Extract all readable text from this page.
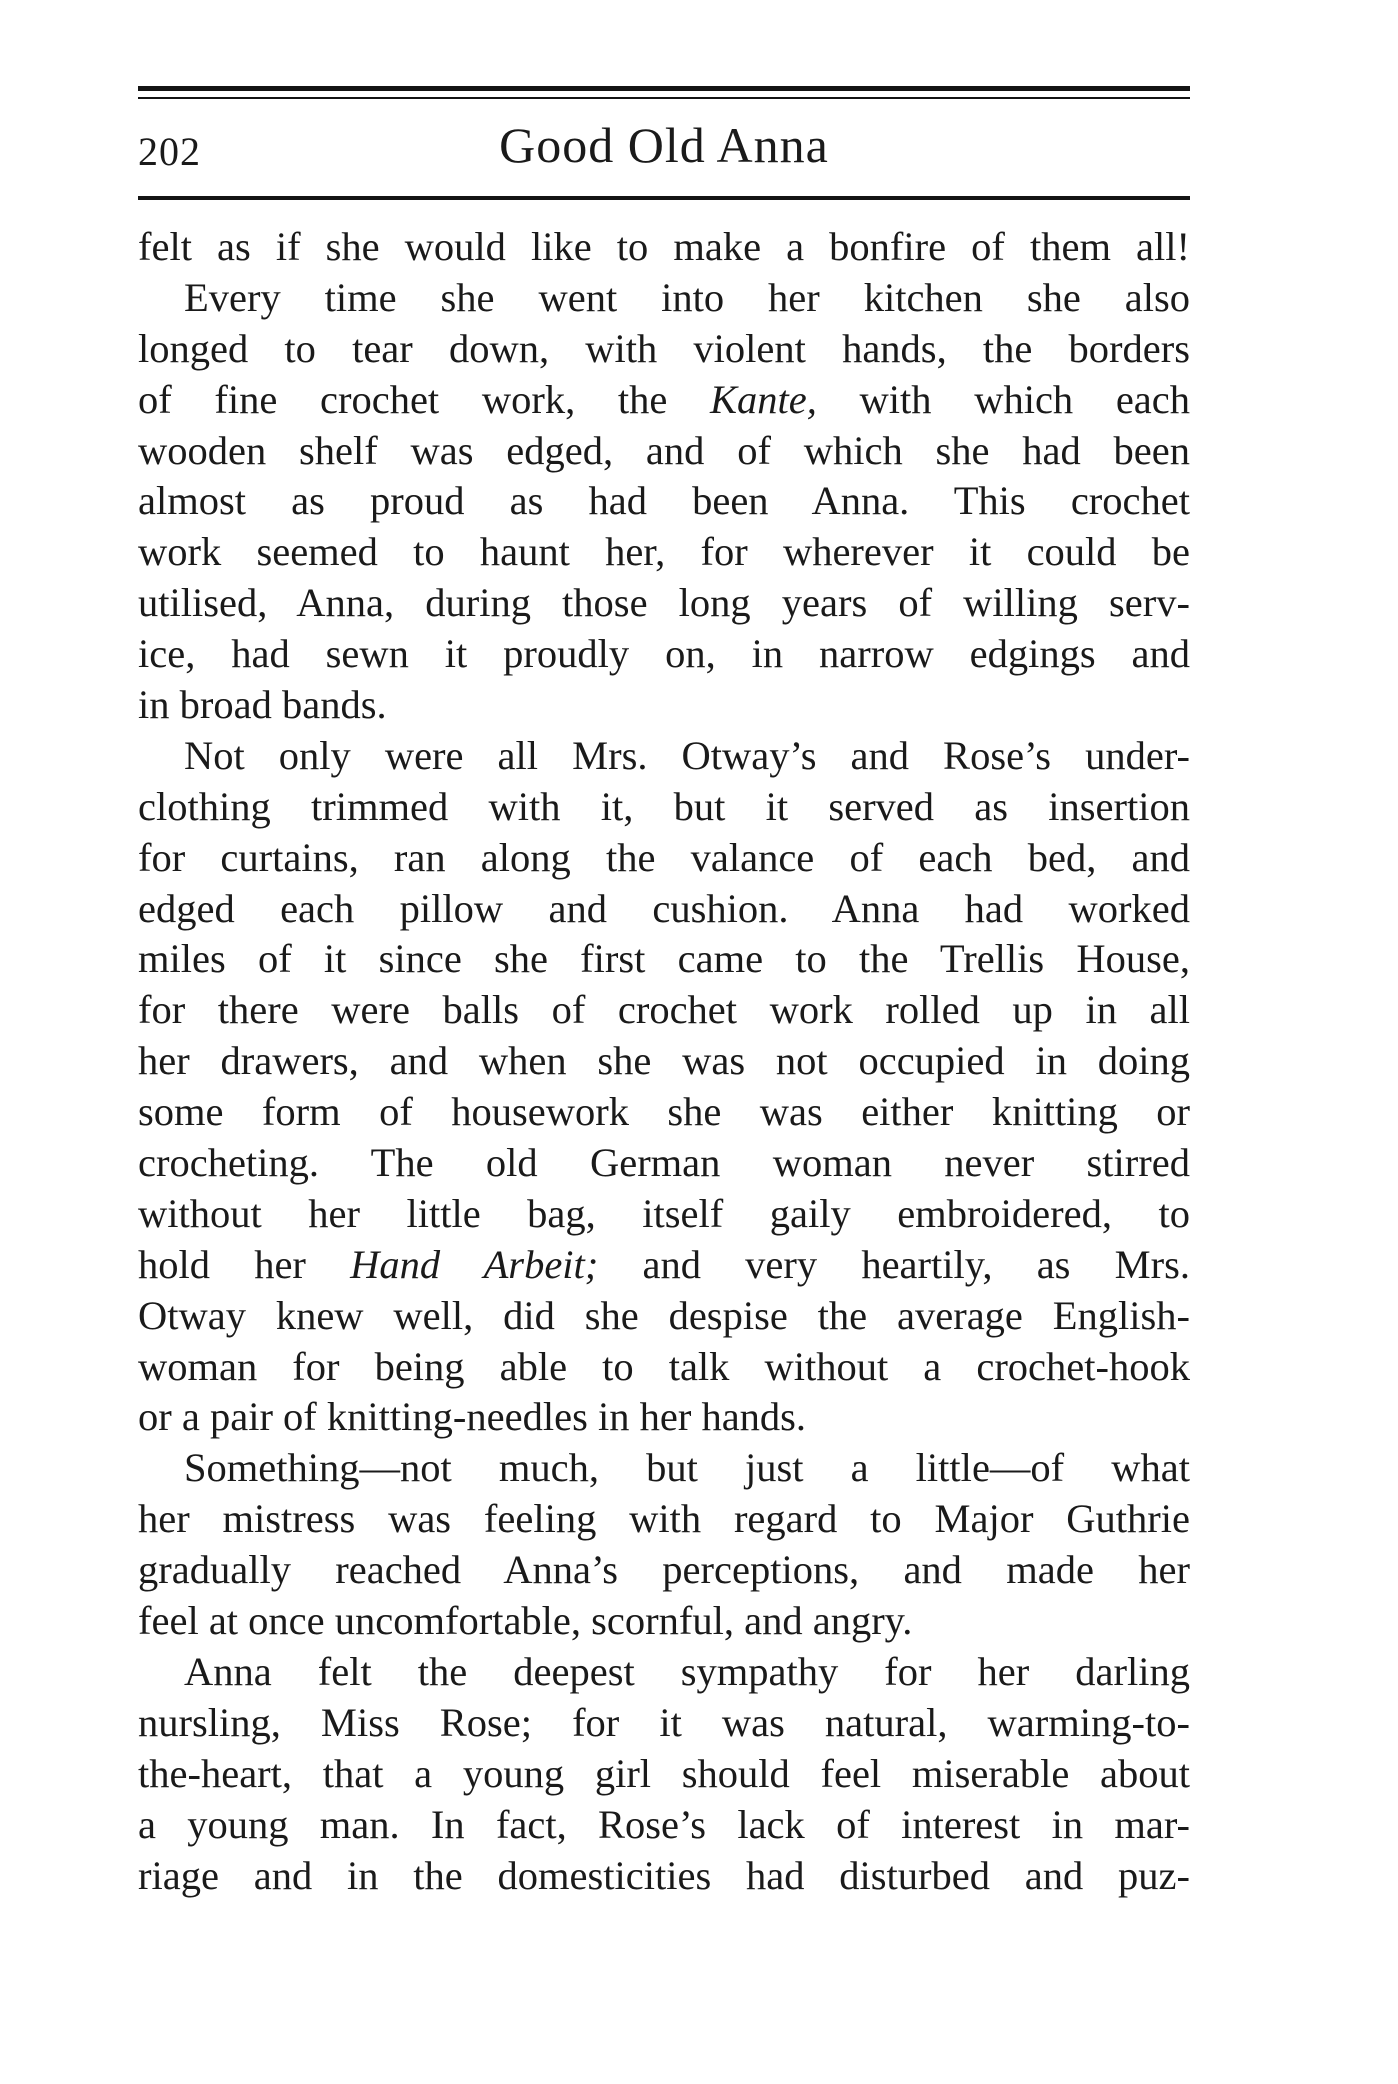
202	Good Old Anna
felt as if she would like to make a bonfire of them all!
Every time she went into her kitchen she also
longed to tear down, with violent hands, the borders
of fine crochet work, the Kante, with which each
wooden shelf was edged, and of which she had been
almost as proud as had been Anna. This crochet
work seemed to haunt her, for wherever it could be
utilised, Anna, during those long years of willing serv-
ice, had sewn it proudly on, in narrow edgings and
in broad bands.
Not only were all Mrs. Otway’s and Rose’s under-
clothing trimmed with it, but it served as insertion
for curtains, ran along the valance of each bed, and
edged each pillow and cushion. Anna had worked
miles of it since she first came to the Trellis House,
for there were balls of crochet work rolled up in all
her drawers, and when she was not occupied in doing
some form of housework she was either knitting or
crocheting. The old German woman never stirred
without her little bag, itself gaily embroidered, to
hold her Hand Arbeit; and very heartily, as Mrs.
Otway knew well, did she despise the average English-
woman for being able to talk without a crochet-hook
or a pair of knitting-needles in her hands.
Something—not much, but just a little—of what
her mistress was feeling with regard to Major Guthrie
gradually reached Anna’s perceptions, and made her
feel at once uncomfortable, scornful, and angry.
Anna felt the deepest sympathy for her darling
nursling, Miss Rose; for it was natural, warming-to-
the-heart, that a young girl should feel miserable about
a young man. In fact, Rose’s lack of interest in mar-
riage and in the domesticities had disturbed and puz-
